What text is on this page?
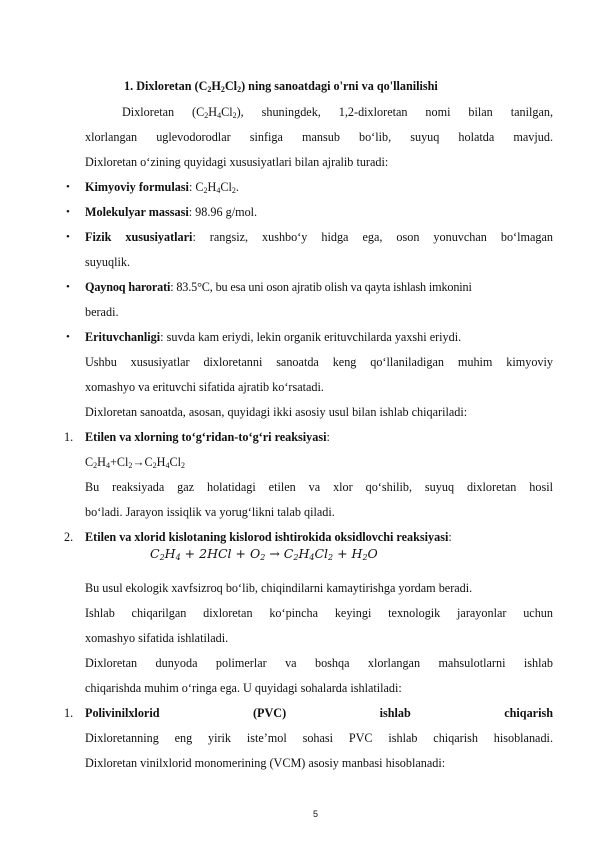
1. Dixloretan $(C_2H_2Cl_2)$ ning sanoatdagi o'rni va qo'llanilishi
Dixloretan $(C_2H_4Cl_2)$, shuningdek, 1,2-dixloretan nomi bilan tanilgan,
xlorlangan uglevodorodlar sinfiga mansub bo‘lib, suyuq holatda mavjud.
Dixloretan o‘zining quyidagi xususiyatlari bilan ajralib turadi:
•	Kimyoviy formulasi: $C_2H_4Cl_2$.
•	Molekulyar massasi: 98.96 g/mol.
•	Fizik xususiyatlari: rangsiz, xushbo‘y hidga ega, oson yonuvchan bo‘lmagan
suyuqlik.
•	Qaynoq harorati: 83.5°C, bu esa uni oson ajratib olish va qayta ishlash imkonini
beradi.
•	Erituvchanligi: suvda kam eriydi, lekin organik erituvchilarda yaxshi eriydi.
Ushbu xususiyatlar dixloretanni sanoatda keng qo‘llaniladigan muhim kimyoviy
xomashyo va erituvchi sifatida ajratib ko‘rsatadi.
Dixloretan sanoatda, asosan, quyidagi ikki asosiy usul bilan ishlab chiqariladi:
1. Etilen va xlorning to‘g‘ridan-to‘g‘ri reaksiyasi:
$C_2H_4+Cl_2\to C_2H_4Cl_2$
Bu reaksiyada gaz holatidagi etilen va xlor qo‘shilib, suyuq dixloretan hosil
bo‘ladi. Jarayon issiqlik va yorug‘likni talab qiladi.
2. Etilen va xlorid kislotaning kislorod ishtirokida oksidlovchi reaksiyasi:
$C_2H_4 + 2HCl + O_2 \to C_2H_4Cl_2 + H_2O$
Bu usul ekologik xavfsizroq bo‘lib, chiqindilarni kamaytirishga yordam beradi.
Ishlab chiqarilgan dixloretan ko‘pincha keyingi texnologik jarayonlar uchun
xomashyo sifatida ishlatiladi.
Dixloretan dunyoda polimerlar va boshqa xlorlangan mahsulotlarni ishlab
chiqarishda muhim o‘ringa ega. U quyidagi sohalarda ishlatiladi:
1. Polivinilxlorid (PVC) ishlab chiqarish
Dixloretanning eng yirik iste’mol sohasi PVC ishlab chiqarish hisoblanadi.
Dixloretan vinilxlorid monomerining (VCM) asosiy manbasi hisoblanadi:
5
